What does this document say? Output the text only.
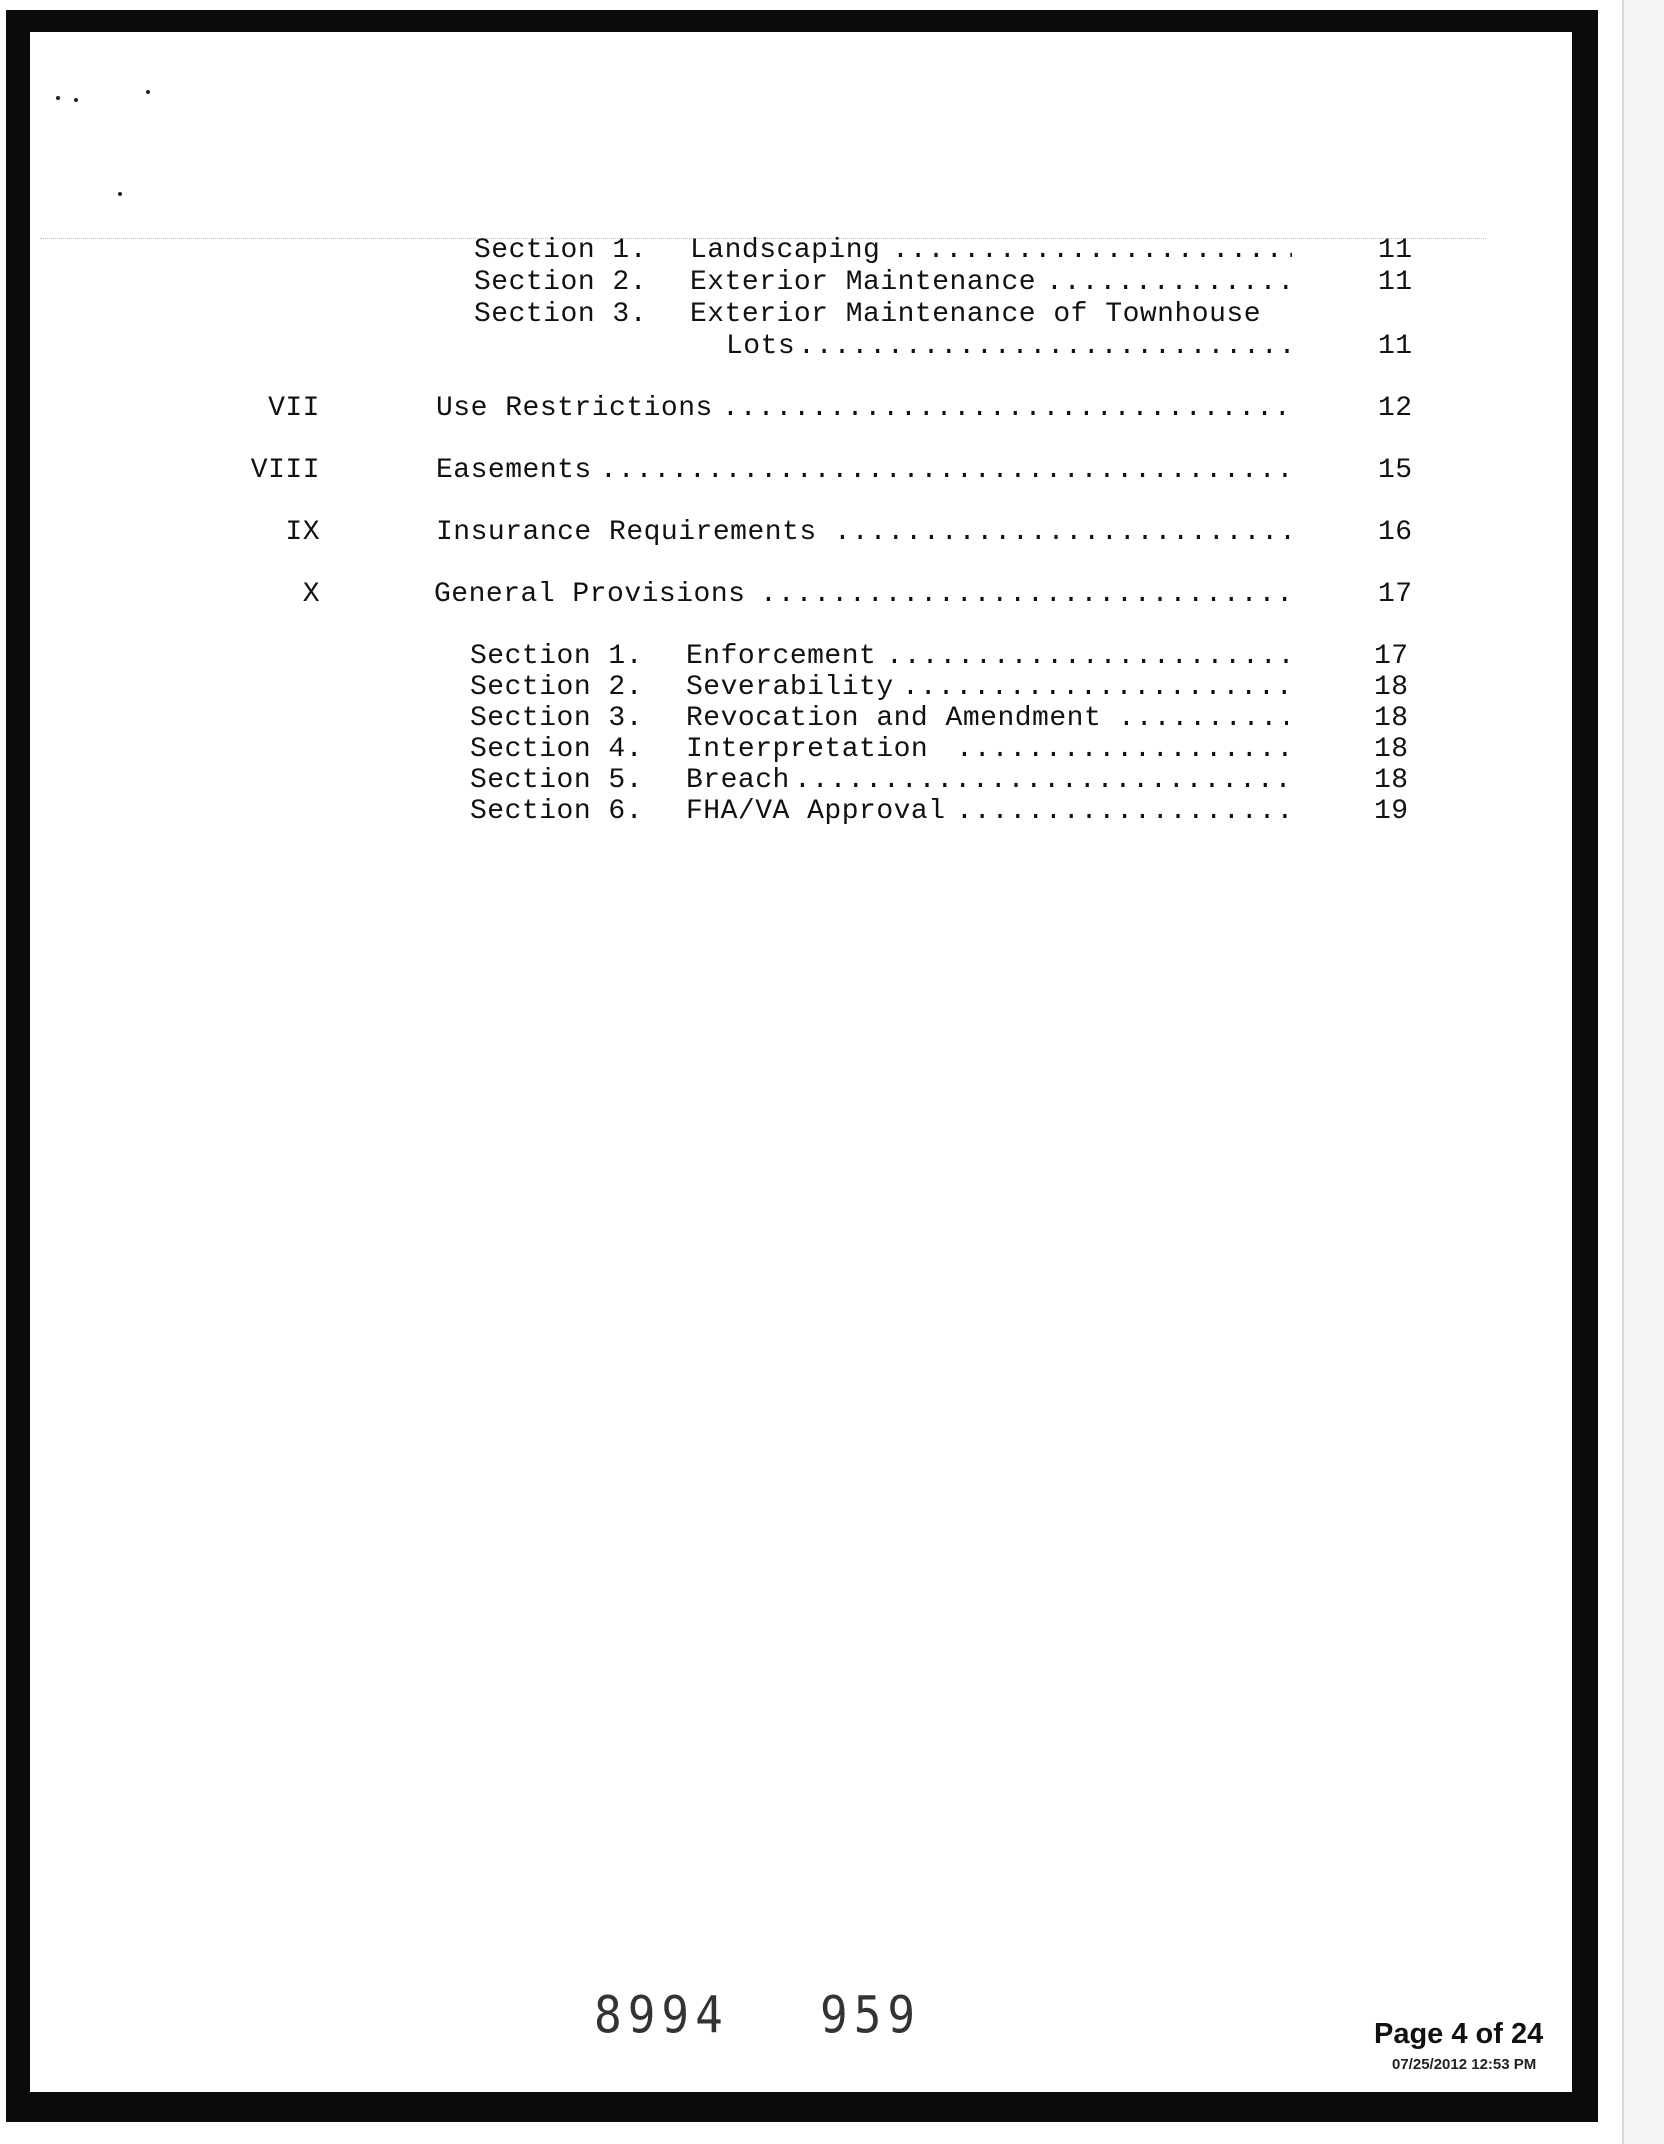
Section 1. Landscaping .....	11
Section 2. Exterior Maintenance .....	11
Section 3. Exterior Maintenance of Townhouse
Lots .....	11
VII	Use Restrictions .....	12
VIII	Easements .....	15
IX	Insurance Requirements .....	16
X	General Provisions .....	17
Section 1. Enforcement .....	17
Section 2. Severability .....	18
Section 3. Revocation and Amendment .....	18
Section 4. Interpretation .....	18
Section 5. Breach .....	18
Section 6. FHA/VA Approval .....	19
8994 959	Page 4 of 24
07/25/2012 12:53 PM
